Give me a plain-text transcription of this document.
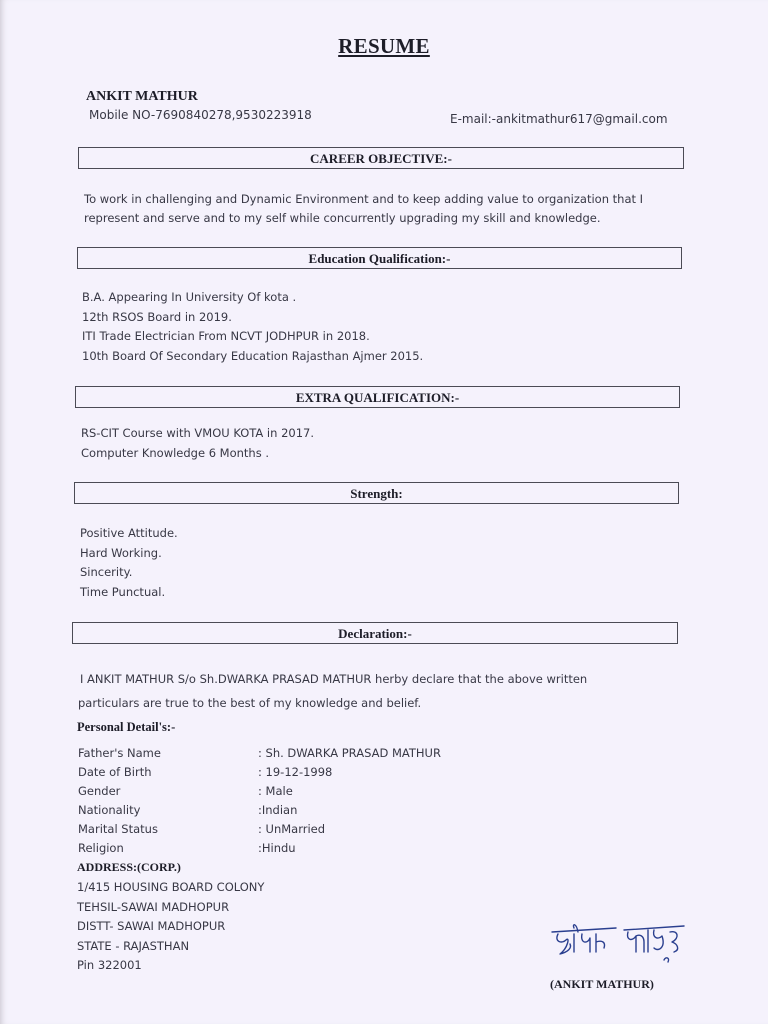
RESUME
ANKIT MATHUR
Mobile NO-7690840278,9530223918	E-mail:-ankitmathur617@gmail.com
CAREER OBJECTIVE:-
To work in challenging and Dynamic Environment and to keep adding value to organization that I represent and serve and to my self while concurrently upgrading my skill and knowledge.
Education Qualification:-
B.A. Appearing In University Of kota .
12th RSOS Board in 2019.
ITI Trade Electrician From NCVT JODHPUR in 2018.
10th Board Of Secondary Education Rajasthan Ajmer 2015.
EXTRA QUALIFICATION:-
RS-CIT Course with VMOU KOTA in 2017.
Computer Knowledge 6 Months .
Strength:
Positive Attitude.
Hard Working.
Sincerity.
Time Punctual.
Declaration:-
I ANKIT MATHUR S/o Sh.DWARKA PRASAD MATHUR herby declare that the above written
particulars are true to the best of my knowledge and belief.
Personal Detail's:-
Father's Name	: Sh. DWARKA PRASAD MATHUR
Date of Birth	: 19-12-1998
Gender	: Male
Nationality	:Indian
Marital Status	: UnMarried
Religion	:Hindu
ADDRESS:(CORP.)
1/415 HOUSING BOARD COLONY
TEHSIL-SAWAI MADHOPUR
DISTT- SAWAI MADHOPUR
STATE - RAJASTHAN
Pin 322001
(ANKIT MATHUR)
